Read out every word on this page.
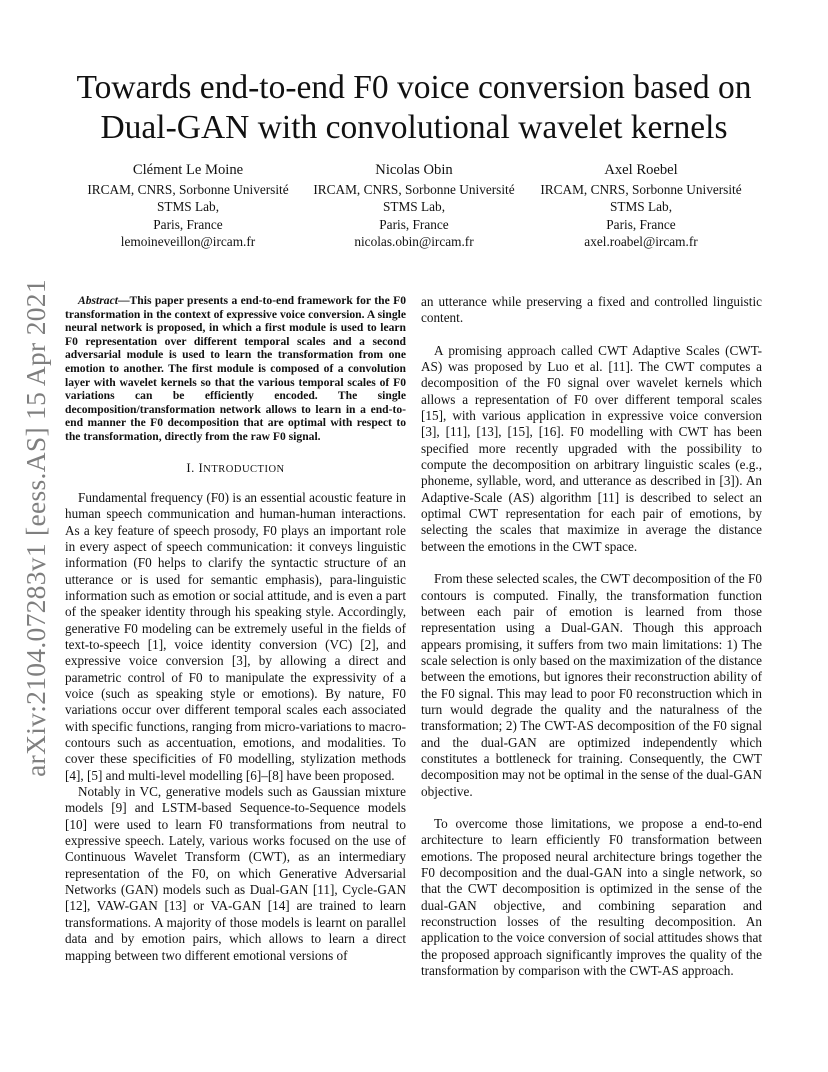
arXiv:2104.07283v1 [eess.AS] 15 Apr 2021
Towards end-to-end F0 voice conversion based on
Dual-GAN with convolutional wavelet kernels
Clément Le Moine
IRCAM, CNRS, Sorbonne Université
STMS Lab,
Paris, France
lemoineveillon@ircam.fr
Nicolas Obin
IRCAM, CNRS, Sorbonne Université
STMS Lab,
Paris, France
nicolas.obin@ircam.fr
Axel Roebel
IRCAM, CNRS, Sorbonne Université
STMS Lab,
Paris, France
axel.roabel@ircam.fr

Abstract—This paper presents a end-to-end framework for the F0 transformation in the context of expressive voice conversion. A single neural network is proposed, in which a first module is used to learn F0 representation over different temporal scales and a second adversarial module is used to learn the transformation from one emotion to another. The first module is composed of a convolution layer with wavelet kernels so that the various temporal scales of F0 variations can be efficiently encoded. The single decomposition/transformation network allows to learn in a end-to-end manner the F0 decomposition that are optimal with respect to the transformation, directly from the raw F0 signal.

I. INTRODUCTION

Fundamental frequency (F0) is an essential acoustic feature in human speech communication and human-human interactions. As a key feature of speech prosody, F0 plays an important role in every aspect of speech communication: it conveys linguistic information (F0 helps to clarify the syntactic structure of an utterance or is used for semantic emphasis), para-linguistic information such as emotion or social attitude, and is even a part of the speaker identity through his speaking style. Accordingly, generative F0 modeling can be extremely useful in the fields of text-to-speech [1], voice identity conversion (VC) [2], and expressive voice conversion [3], by allowing a direct and parametric control of F0 to manipulate the expressivity of a voice (such as speaking style or emotions). By nature, F0 variations occur over different temporal scales each associated with specific functions, ranging from micro-variations to macro-contours such as accentuation, emotions, and modalities. To cover these specificities of F0 modelling, stylization methods [4], [5] and multi-level modelling [6]–[8] have been proposed.

Notably in VC, generative models such as Gaussian mixture models [9] and LSTM-based Sequence-to-Sequence models [10] were used to learn F0 transformations from neutral to expressive speech. Lately, various works focused on the use of Continuous Wavelet Transform (CWT), as an intermediary representation of the F0, on which Generative Adversarial Networks (GAN) models such as Dual-GAN [11], Cycle-GAN [12], VAW-GAN [13] or VA-GAN [14] are trained to learn transformations. A majority of those models is learnt on parallel data and by emotion pairs, which allows to learn a direct mapping between two different emotional versions of

an utterance while preserving a fixed and controlled linguistic content.

A promising approach called CWT Adaptive Scales (CWT-AS) was proposed by Luo et al. [11]. The CWT computes a decomposition of the F0 signal over wavelet kernels which allows a representation of F0 over different temporal scales [15], with various application in expressive voice conversion [3], [11], [13], [15], [16]. F0 modelling with CWT has been specified more recently upgraded with the possibility to compute the decomposition on arbitrary linguistic scales (e.g., phoneme, syllable, word, and utterance as described in [3]). An Adaptive-Scale (AS) algorithm [11] is described to select an optimal CWT representation for each pair of emotions, by selecting the scales that maximize in average the distance between the emotions in the CWT space.

From these selected scales, the CWT decomposition of the F0 contours is computed. Finally, the transformation function between each pair of emotion is learned from those representation using a Dual-GAN. Though this approach appears promising, it suffers from two main limitations: 1) The scale selection is only based on the maximization of the distance between the emotions, but ignores their reconstruction ability of the F0 signal. This may lead to poor F0 reconstruction which in turn would degrade the quality and the naturalness of the transformation; 2) The CWT-AS decomposition of the F0 signal and the dual-GAN are optimized independently which constitutes a bottleneck for training. Consequently, the CWT decomposition may not be optimal in the sense of the dual-GAN objective.

To overcome those limitations, we propose a end-to-end architecture to learn efficiently F0 transformation between emotions. The proposed neural architecture brings together the F0 decomposition and the dual-GAN into a single network, so that the CWT decomposition is optimized in the sense of the dual-GAN objective, and combining separation and reconstruction losses of the resulting decomposition. An application to the voice conversion of social attitudes shows that the proposed approach significantly improves the quality of the transformation by comparison with the CWT-AS approach.
